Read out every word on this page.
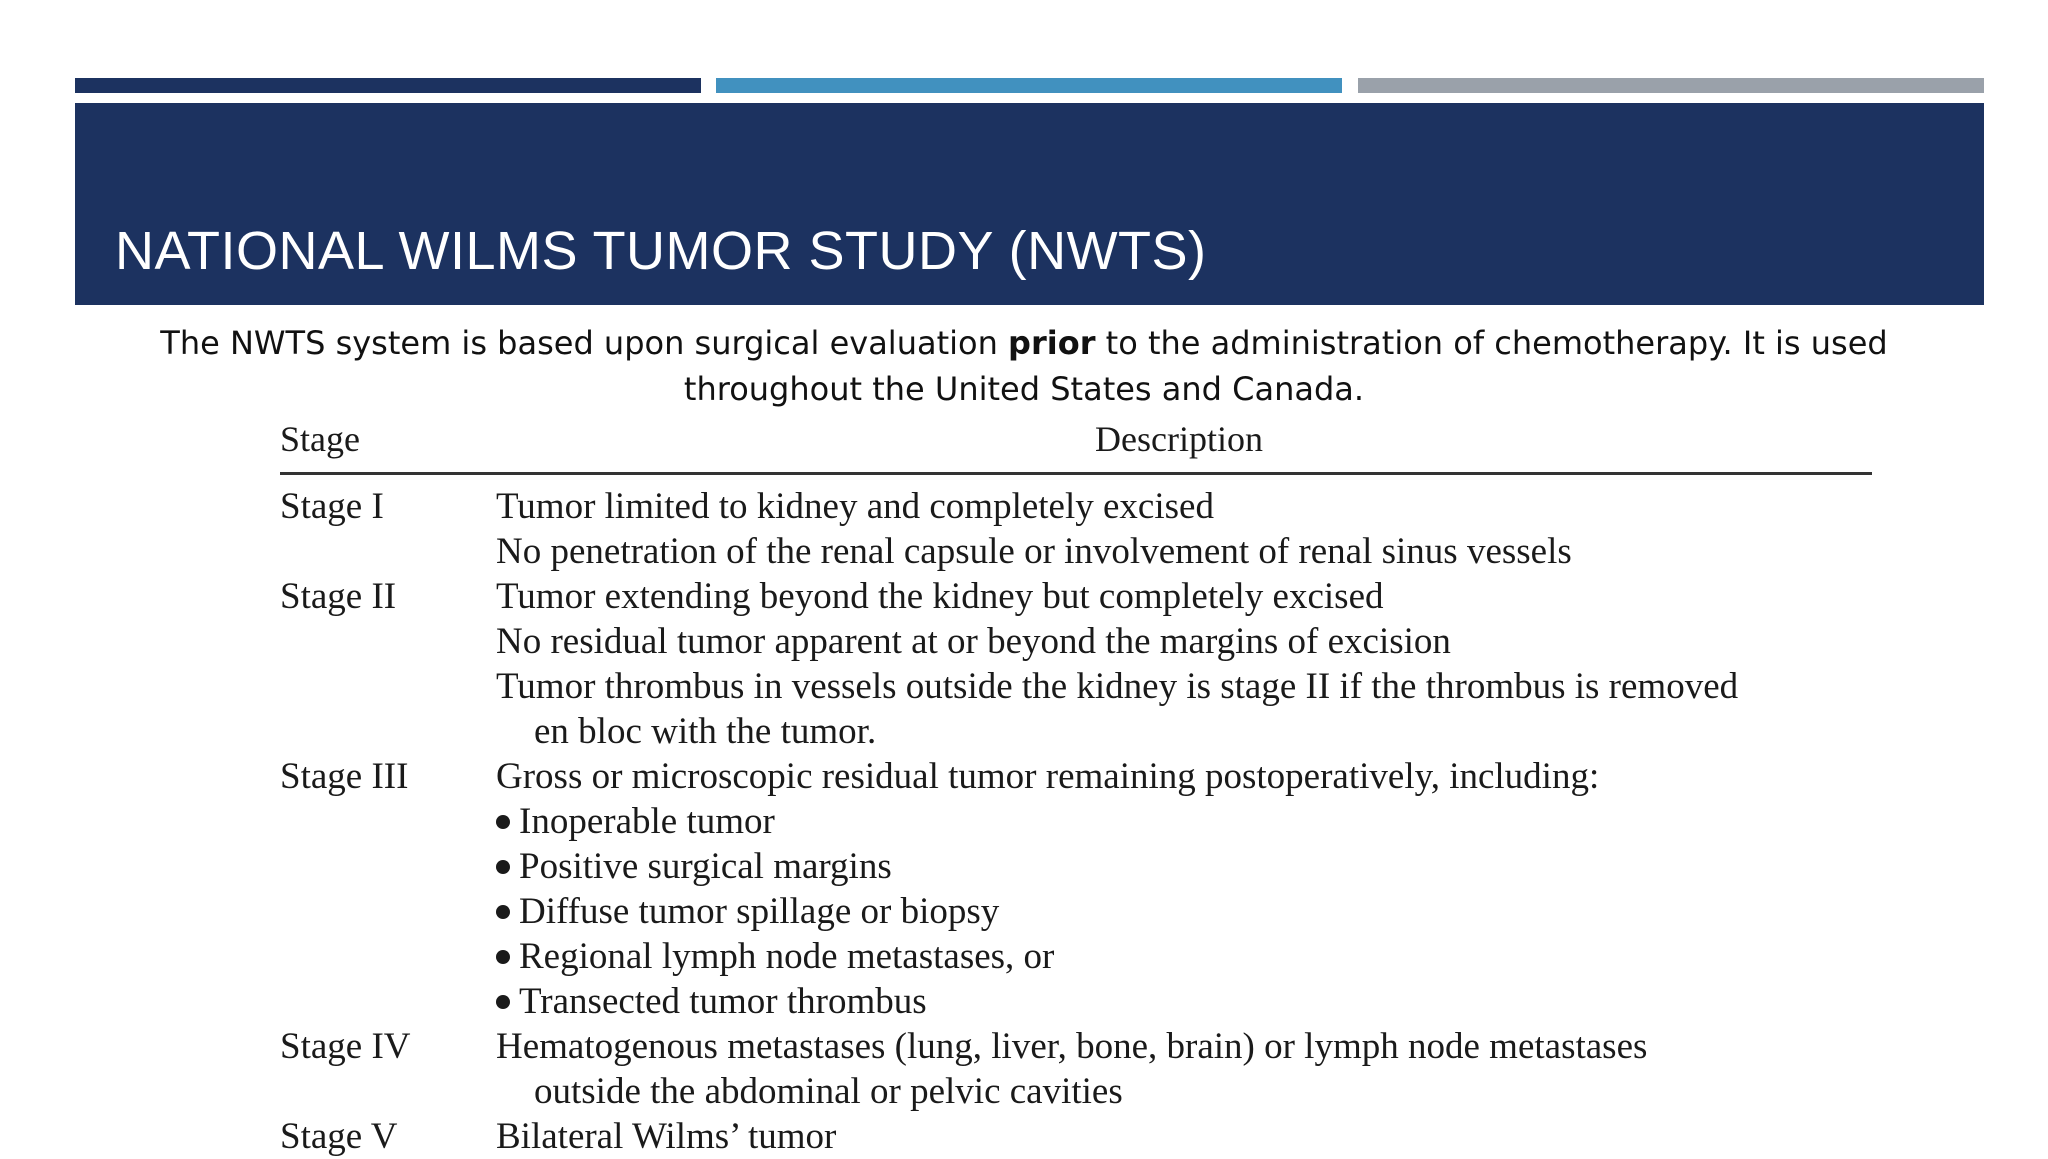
NATIONAL WILMS TUMOR STUDY (NWTS)

The NWTS system is based upon surgical evaluation prior to the administration of chemotherapy. It is used throughout the United States and Canada.

Stage	Description
Stage I	Tumor limited to kidney and completely excised
No penetration of the renal capsule or involvement of renal sinus vessels
Stage II	Tumor extending beyond the kidney but completely excised
No residual tumor apparent at or beyond the margins of excision
Tumor thrombus in vessels outside the kidney is stage II if the thrombus is removed
en bloc with the tumor.
Stage III	Gross or microscopic residual tumor remaining postoperatively, including:
Inoperable tumor
Positive surgical margins
Diffuse tumor spillage or biopsy
Regional lymph node metastases, or
Transected tumor thrombus
Stage IV	Hematogenous metastases (lung, liver, bone, brain) or lymph node metastases
outside the abdominal or pelvic cavities
Stage V	Bilateral Wilms’ tumor
